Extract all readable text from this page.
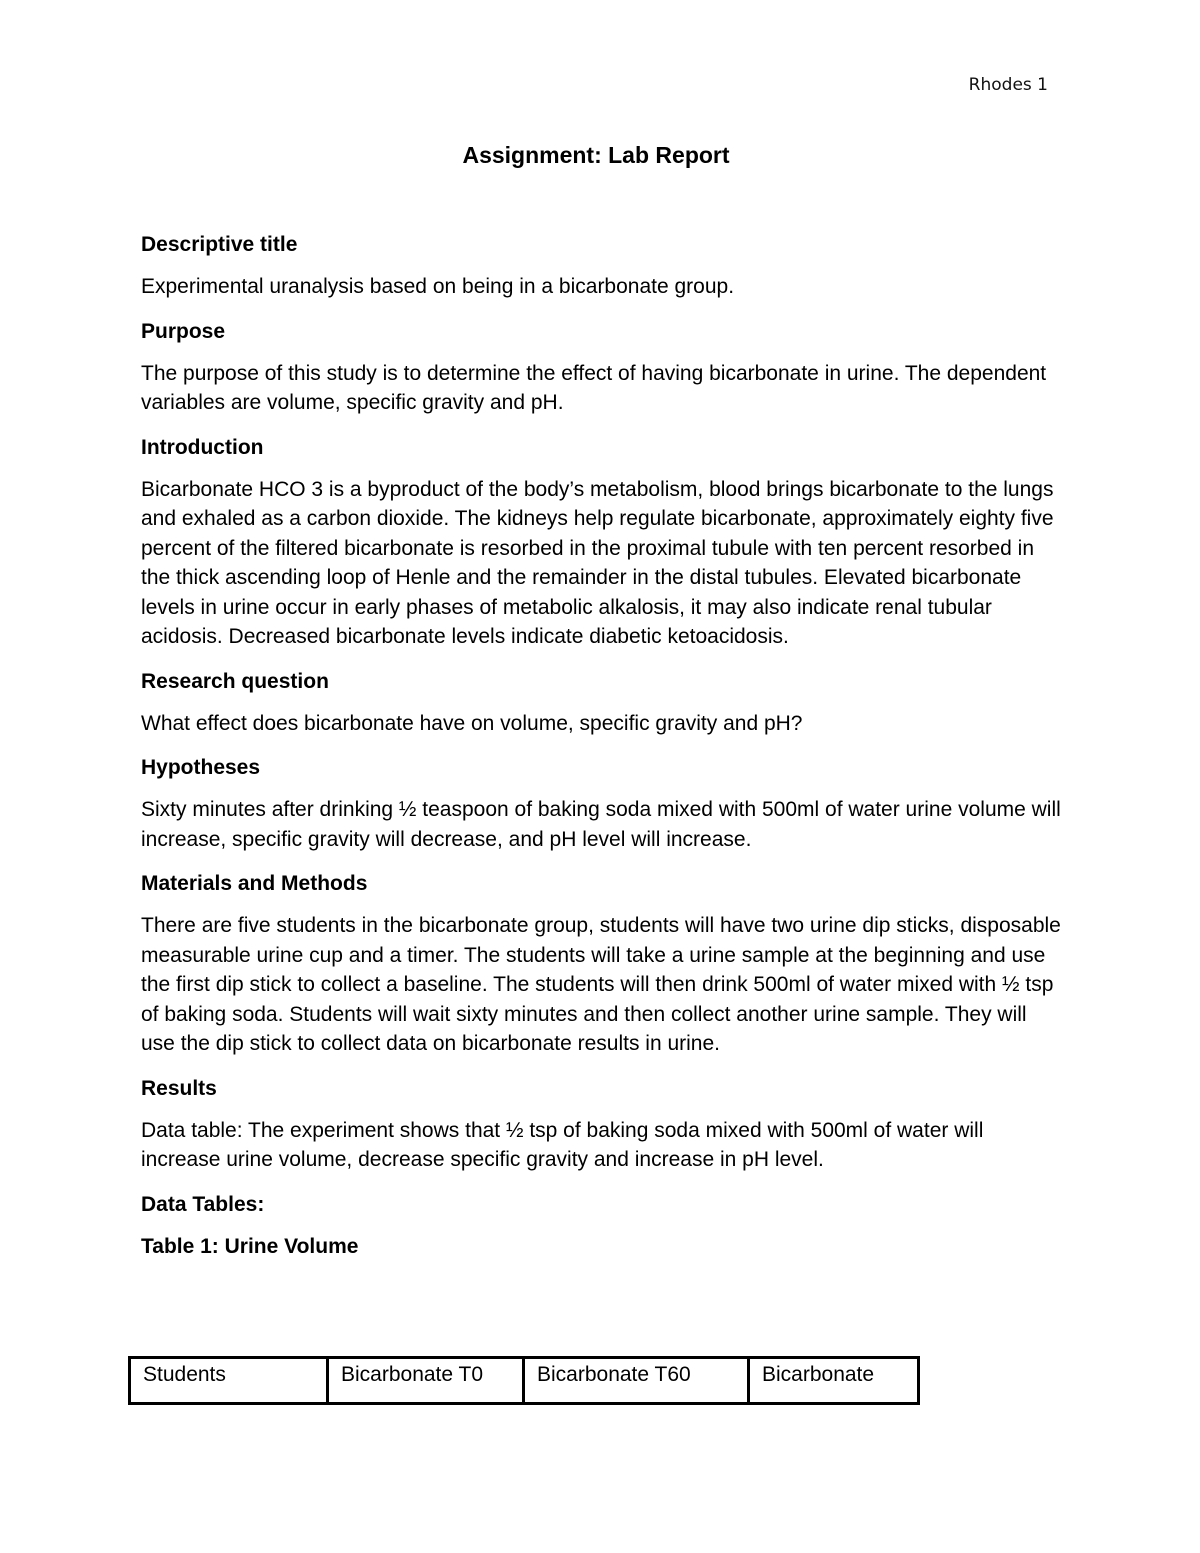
Rhodes 1
Assignment: Lab Report
Descriptive title
Experimental uranalysis based on being in a bicarbonate group.
Purpose
The purpose of this study is to determine the effect of having bicarbonate in urine. The dependent variables are volume, specific gravity and pH.
Introduction
Bicarbonate HCO 3 is a byproduct of the body’s metabolism, blood brings bicarbonate to the lungs and exhaled as a carbon dioxide. The kidneys help regulate bicarbonate, approximately eighty five percent of the filtered bicarbonate is resorbed in the proximal tubule with ten percent resorbed in the thick ascending loop of Henle and the remainder in the distal tubules. Elevated bicarbonate levels in urine occur in early phases of metabolic alkalosis, it may also indicate renal tubular acidosis. Decreased bicarbonate levels indicate diabetic ketoacidosis.
Research question
What effect does bicarbonate have on volume, specific gravity and pH?
Hypotheses
Sixty minutes after drinking ½ teaspoon of baking soda mixed with 500ml of water urine volume will increase, specific gravity will decrease, and pH level will increase.
Materials and Methods
There are five students in the bicarbonate group, students will have two urine dip sticks, disposable measurable urine cup and a timer. The students will take a urine sample at the beginning and use the first dip stick to collect a baseline. The students will then drink 500ml of water mixed with ½ tsp of baking soda. Students will wait sixty minutes and then collect another urine sample. They will use the dip stick to collect data on bicarbonate results in urine.
Results
Data table: The experiment shows that ½ tsp of baking soda mixed with 500ml of water will increase urine volume, decrease specific gravity and increase in pH level.
Data Tables:
Table 1: Urine Volume
Students	Bicarbonate T0	Bicarbonate T60	Bicarbonate
